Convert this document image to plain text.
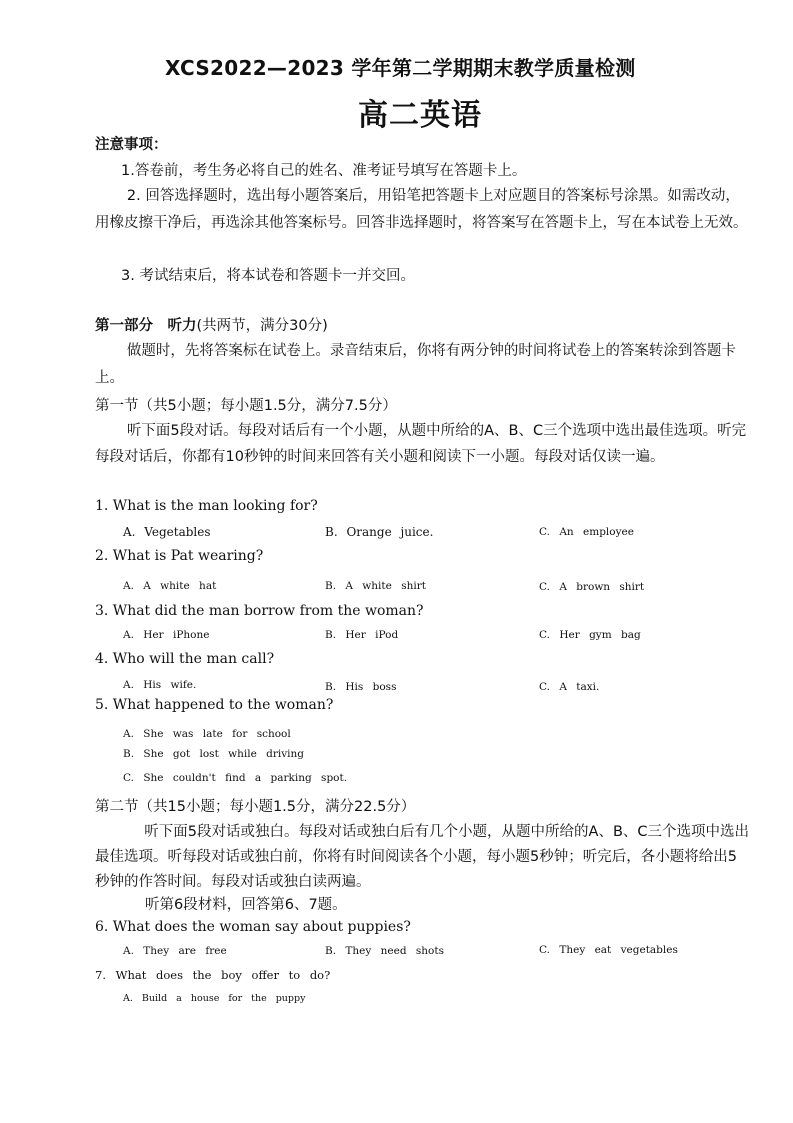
XCS2022—2023 学年第二学期期末教学质量检测
高二英语
注意事项：
1.答卷前，考生务必将自己的姓名、准考证号填写在答题卡上。
2. 回答选择题时，选出每小题答案后，用铅笔把答题卡上对应题目的答案标号涂黑。如需改动，用橡皮擦干净后，再选涂其他答案标号。回答非选择题时，将答案写在答题卡上，写在本试卷上无效。
3. 考试结束后，将本试卷和答题卡一并交回。
第一部分　听力(共两节，满分30分)
做题时，先将答案标在试卷上。录音结束后，你将有两分钟的时间将试卷上的答案转涂到答题卡上。
第一节（共5小题；每小题1.5分，满分7.5分）
听下面5段对话。每段对话后有一个小题，从题中所给的A、B、C三个选项中选出最佳选项。听完每段对话后，你都有10秒钟的时间来回答有关小题和阅读下一小题。每段对话仅读一遍。
1. What is the man looking for?
A. Vegetables	B. Orange juice.	C. An employee
2. What is Pat wearing?
A. A white hat	B. A white shirt	C. A brown shirt
3. What did the man borrow from the woman?
A. Her iPhone	B. Her iPod	C. Her gym bag
4. Who will the man call?
A. His wife.	B. His boss	C. A taxi.
5. What happened to the woman?
A. She was late for school
B. She got lost while driving
C. She couldn't find a parking spot.
第二节（共15小题；每小题1.5分，满分22.5分）
听下面5段对话或独白。每段对话或独白后有几个小题，从题中所给的A、B、C三个选项中选出最佳选项。听每段对话或独白前，你将有时间阅读各个小题，每小题5秒钟；听完后，各小题将给出5秒钟的作答时间。每段对话或独白读两遍。
听第6段材料，回答第6、7题。
6. What does the woman say about puppies?
A. They are free	B. They need shots	C. They eat vegetables
7. What does the boy offer to do?
A. Build a house for the puppy
